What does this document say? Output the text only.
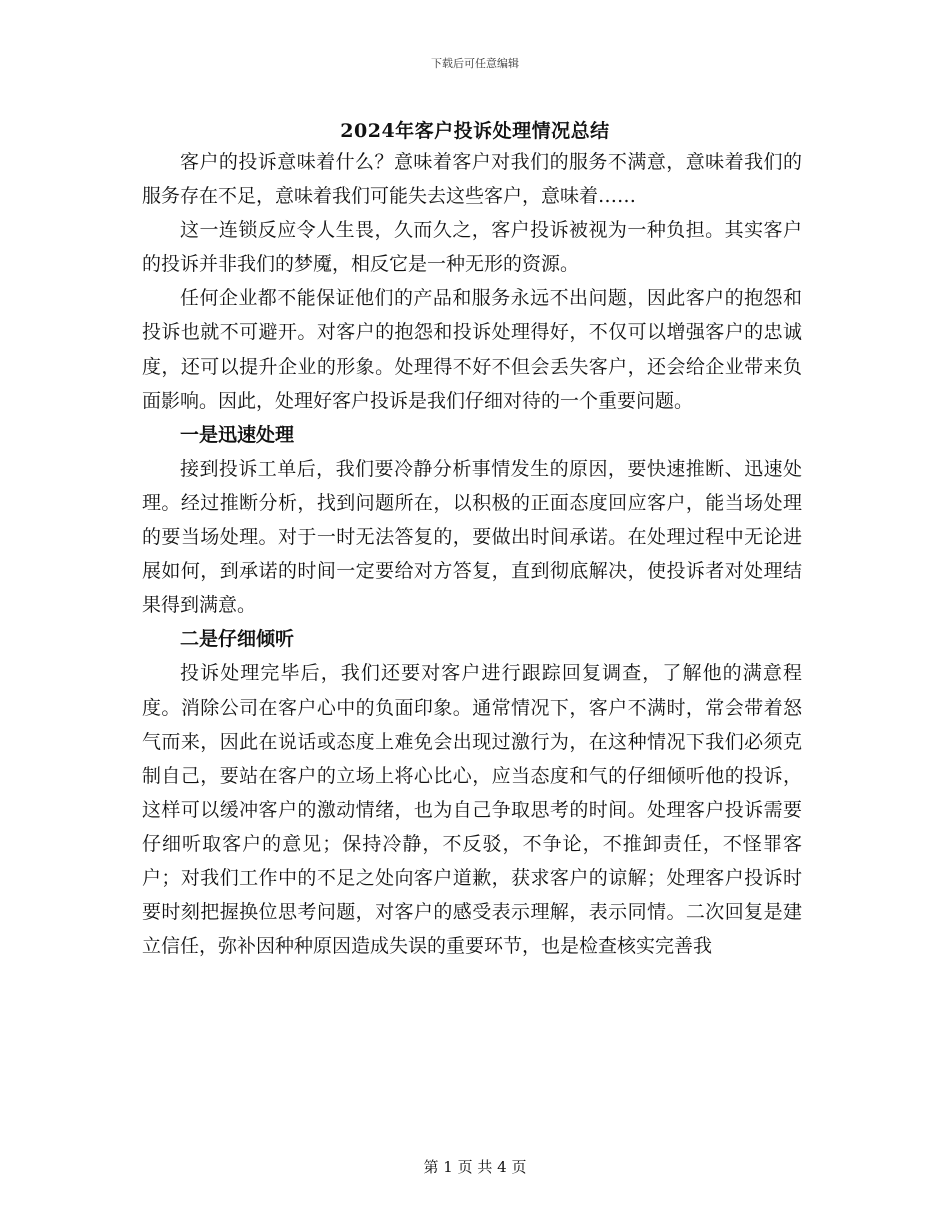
下载后可任意编辑
2024年客户投诉处理情况总结

客户的投诉意味着什么？意味着客户对我们的服务不满意，意味着我们的服务存在不足，意味着我们可能失去这些客户，意味着……

这一连锁反应令人生畏，久而久之，客户投诉被视为一种负担。其实客户的投诉并非我们的梦魇，相反它是一种无形的资源。

任何企业都不能保证他们的产品和服务永远不出问题，因此客户的抱怨和投诉也就不可避开。对客户的抱怨和投诉处理得好，不仅可以增强客户的忠诚度，还可以提升企业的形象。处理得不好不但会丢失客户，还会给企业带来负面影响。因此，处理好客户投诉是我们仔细对待的一个重要问题。

一是迅速处理

接到投诉工单后，我们要冷静分析事情发生的原因，要快速推断、迅速处理。经过推断分析，找到问题所在，以积极的正面态度回应客户，能当场处理的要当场处理。对于一时无法答复的，要做出时间承诺。在处理过程中无论进展如何，到承诺的时间一定要给对方答复，直到彻底解决，使投诉者对处理结果得到满意。

二是仔细倾听

投诉处理完毕后，我们还要对客户进行跟踪回复调查，了解他的满意程度。消除公司在客户心中的负面印象。通常情况下，客户不满时，常会带着怒气而来，因此在说话或态度上难免会出现过激行为，在这种情况下我们必须克制自己，要站在客户的立场上将心比心，应当态度和气的仔细倾听他的投诉，这样可以缓冲客户的激动情绪，也为自己争取思考的时间。处理客户投诉需要仔细听取客户的意见；保持冷静，不反驳，不争论，不推卸责任，不怪罪客户；对我们工作中的不足之处向客户道歉，获求客户的谅解；处理客户投诉时要时刻把握换位思考问题，对客户的感受表示理解，表示同情。二次回复是建立信任，弥补因种种原因造成失误的重要环节，也是检查核实完善我

第 1 页 共 4 页
